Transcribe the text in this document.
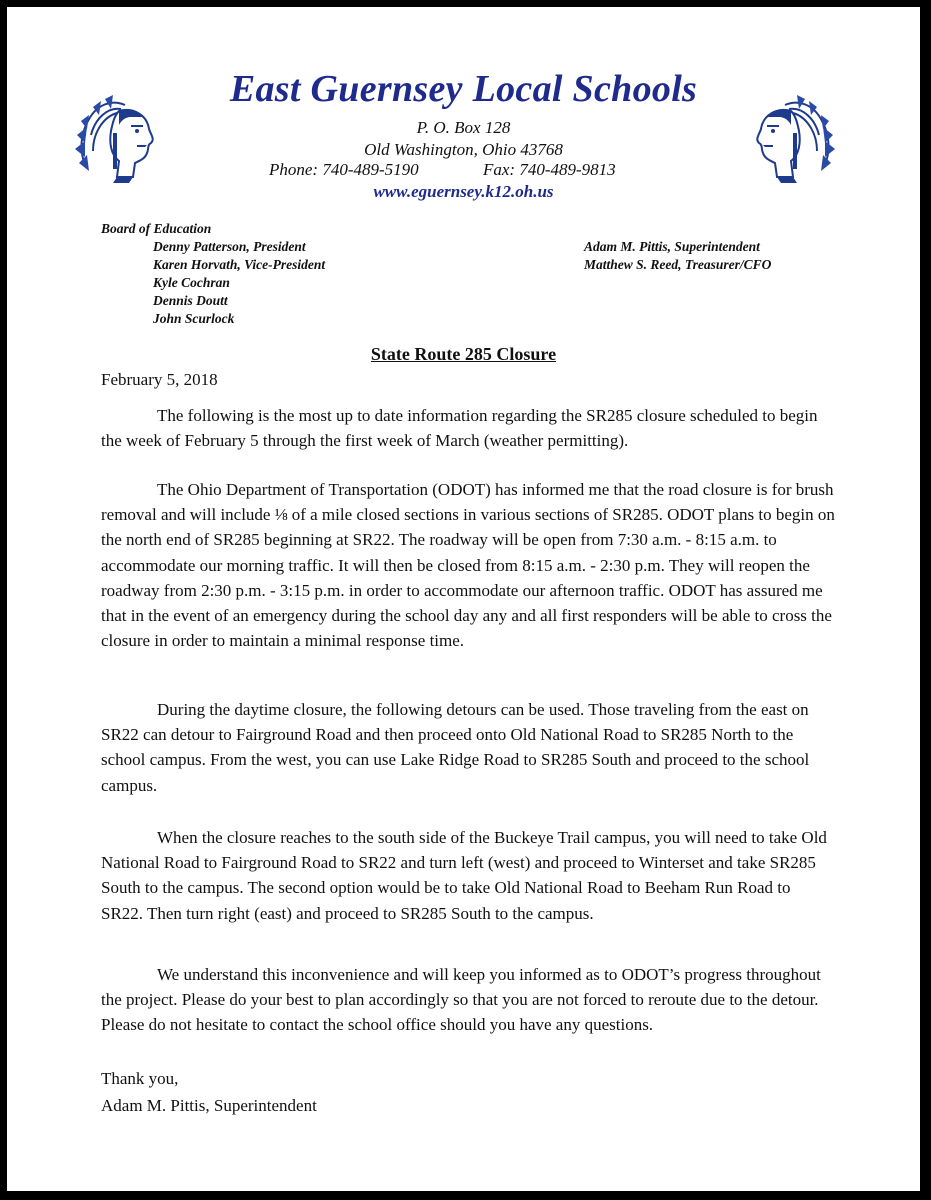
East Guernsey Local Schools
P. O. Box 128
Old Washington, Ohio 43768
Phone: 740-489-5190	Fax: 740-489-9813
www.eguernsey.k12.oh.us
Board of Education
Denny Patterson, President
Karen Horvath, Vice-President
Kyle Cochran
Dennis Doutt
John Scurlock
Adam M. Pittis, Superintendent
Matthew S. Reed, Treasurer/CFO
State Route 285 Closure
February 5, 2018

The following is the most up to date information regarding the SR285 closure scheduled to begin the week of February 5 through the first week of March (weather permitting).

The Ohio Department of Transportation (ODOT) has informed me that the road closure is for brush removal and will include ⅛ of a mile closed sections in various sections of SR285. ODOT plans to begin on the north end of SR285 beginning at SR22. The roadway will be open from 7:30 a.m. - 8:15 a.m. to accommodate our morning traffic. It will then be closed from 8:15 a.m. - 2:30 p.m. They will reopen the roadway from 2:30 p.m. - 3:15 p.m. in order to accommodate our afternoon traffic. ODOT has assured me that in the event of an emergency during the school day any and all first responders will be able to cross the closure in order to maintain a minimal response time.

During the daytime closure, the following detours can be used. Those traveling from the east on SR22 can detour to Fairground Road and then proceed onto Old National Road to SR285 North to the school campus. From the west, you can use Lake Ridge Road to SR285 South and proceed to the school campus.

When the closure reaches to the south side of the Buckeye Trail campus, you will need to take Old National Road to Fairground Road to SR22 and turn left (west) and proceed to Winterset and take SR285 South to the campus. The second option would be to take Old National Road to Beeham Run Road to SR22. Then turn right (east) and proceed to SR285 South to the campus.

We understand this inconvenience and will keep you informed as to ODOT’s progress throughout the project. Please do your best to plan accordingly so that you are not forced to reroute due to the detour. Please do not hesitate to contact the school office should you have any questions.

Thank you,
Adam M. Pittis, Superintendent
